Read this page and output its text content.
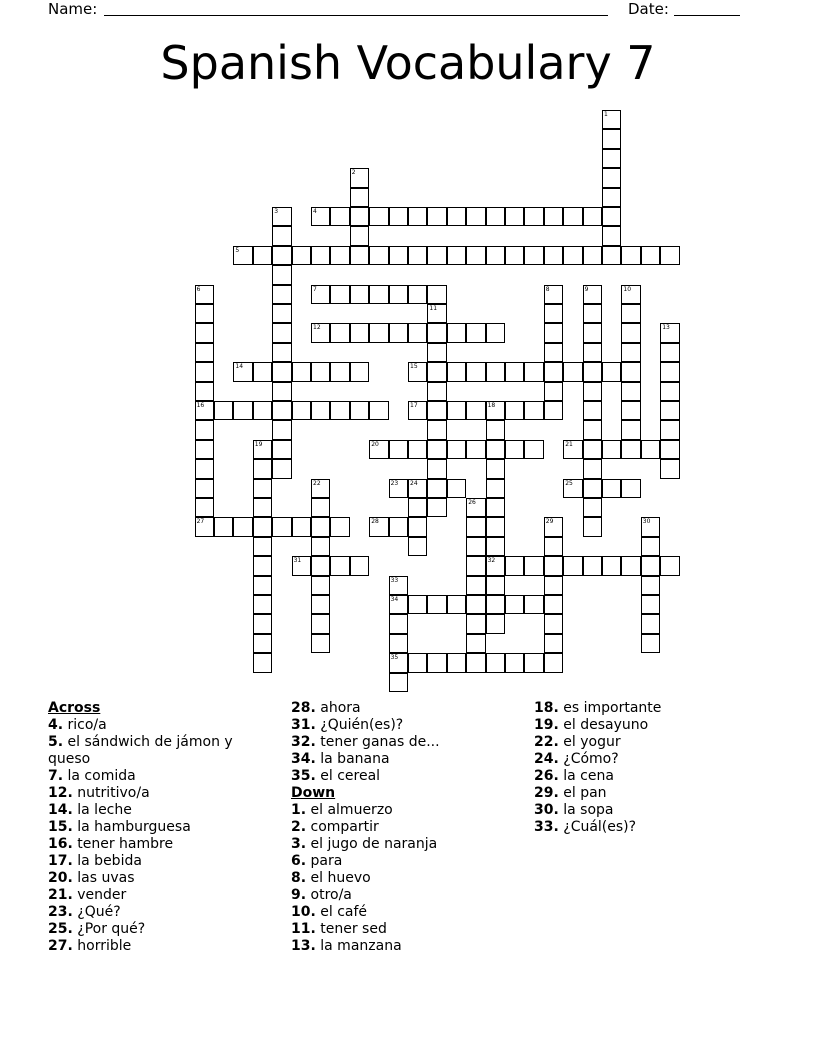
Name:	Date:
Spanish Vocabulary 7
1
2
3	4
5
6
16
27
7	8	9	10
11
12	13
14	15
17	18
32
19	20	21
22	23 24	25
26
28	29	30
31
33
34
35
Across
4. rico/a
5. el sándwich de jámon y queso
7. la comida
12. nutritivo/a
14. la leche
15. la hamburguesa
16. tener hambre
17. la bebida
20. las uvas
21. vender
23. ¿Qué?
25. ¿Por qué?
27. horrible
28. ahora
31. ¿Quién(es)?
32. tener ganas de...
34. la banana
35. el cereal
Down
1. el almuerzo
2. compartir
3. el jugo de naranja
6. para
8. el huevo
9. otro/a
10. el café
11. tener sed
13. la manzana
18. es importante
19. el desayuno
22. el yogur
24. ¿Cómo?
26. la cena
29. el pan
30. la sopa
33. ¿Cuál(es)?
